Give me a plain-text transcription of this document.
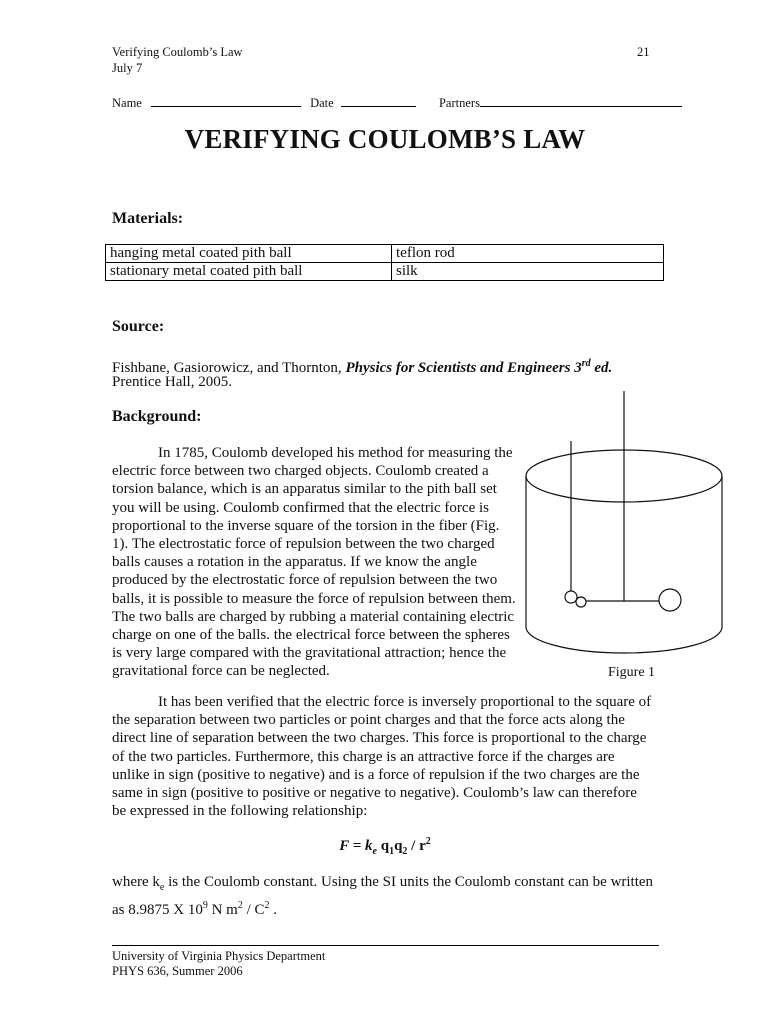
Verifying Coulomb’s Law
July 7
21
Name	Date	Partners
VERIFYING COULOMB’S LAW
Materials:
hanging metal coated pith ball	teflon rod
stationary metal coated pith ball	silk
Source:
Fishbane, Gasiorowicz, and Thornton, Physics for Scientists and Engineers 3rd ed.
Prentice Hall, 2005.
Background:
In 1785, Coulomb developed his method for measuring the
electric force between two charged objects. Coulomb created a
torsion balance, which is an apparatus similar to the pith ball set
you will be using. Coulomb confirmed that the electric force is
proportional to the inverse square of the torsion in the fiber (Fig.
1). The electrostatic force of repulsion between the two charged
balls causes a rotation in the apparatus. If we know the angle
produced by the electrostatic force of repulsion between the two
balls, it is possible to measure the force of repulsion between them.
The two balls are charged by rubbing a material containing electric
charge on one of the balls. the electrical force between the spheres
is very large compared with the gravitational attraction; hence the
gravitational force can be neglected.	Figure 1
It has been verified that the electric force is inversely proportional to the square of
the separation between two particles or point charges and that the force acts along the
direct line of separation between the two charges. This force is proportional to the charge
of the two particles. Furthermore, this charge is an attractive force if the charges are
unlike in sign (positive to negative) and is a force of repulsion if the two charges are the
same in sign (positive to positive or negative to negative). Coulomb’s law can therefore
be expressed in the following relationship:
$F = k_e$ $q_1q_2 / r^2$
where $k_e$ is the Coulomb constant. Using the SI units the Coulomb constant can be written
as 8.9875 X $10^9$ N $m^2 / C^2$ .
University of Virginia Physics Department
PHYS 636, Summer 2006
